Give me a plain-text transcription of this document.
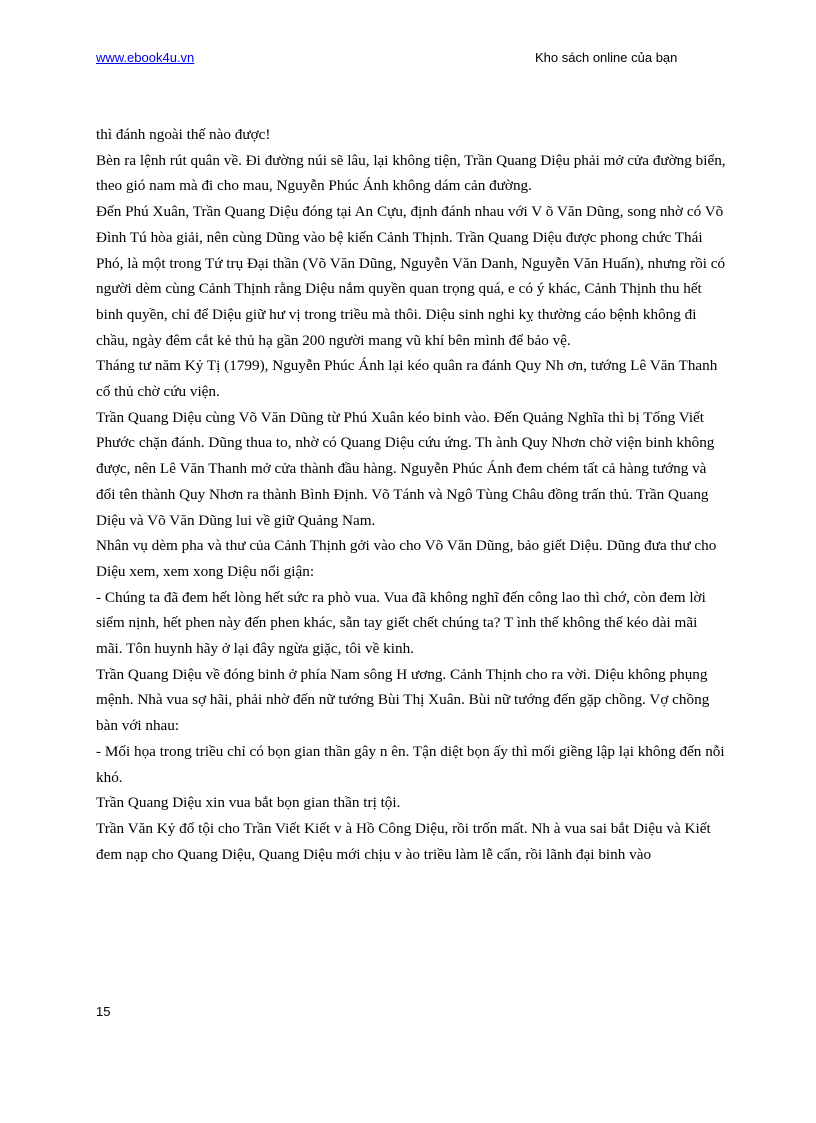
www.ebook4u.vn	Kho sách online của bạn

thì đánh ngoài thế nào được!

Bèn ra lệnh rút quân về. Đi đường núi sẽ lâu, lại không tiện, Trần Quang Diệu phải mở cửa đường biển, theo gió nam mà đi cho mau, Nguyễn Phúc Ánh không dám cản đường.

Đến Phú Xuân, Trần Quang Diệu đóng tại An Cựu, định đánh nhau với V õ Văn Dũng, song nhờ có Võ Đình Tú hòa giải, nên cùng Dũng vào bệ kiến Cảnh Thịnh. Trần Quang Diệu được phong chức Thái Phó, là một trong Tứ trụ Đại thần (Võ Văn Dũng, Nguyễn Văn Danh, Nguyễn Văn Huấn), nhưng rồi có người dèm cùng Cảnh Thịnh rằng Diệu nắm quyền quan trọng quá, e có ý khác, Cảnh Thịnh thu hết binh quyền, chỉ để Diệu giữ hư vị trong triều mà thôi. Diệu sinh nghi kỵ thường cáo bệnh không đi chầu, ngày đêm cắt kẻ thủ hạ gần 200 người mang vũ khí bên mình để bảo vệ.

Tháng tư năm Kỷ Tị (1799), Nguyễn Phúc Ánh lại kéo quân ra đánh Quy Nh ơn, tướng Lê Văn Thanh cố thủ chờ cứu viện.

Trần Quang Diệu cùng Võ Văn Dũng từ Phú Xuân kéo binh vào. Đến Quảng Nghĩa thì bị Tống Viết Phước chặn đánh. Dũng thua to, nhờ có Quang Diệu cứu ứng. Th ành Quy Nhơn chờ viện binh không được, nên Lê Văn Thanh mở cửa thành đầu hàng. Nguyễn Phúc Ánh đem chém tất cả hàng tướng và đổi tên thành Quy Nhơn ra thành Bình Định. Võ Tánh và Ngô Tùng Châu đồng trấn thủ. Trần Quang Diệu và Võ Văn Dũng lui về giữ Quảng Nam.

Nhân vụ dèm pha và thư của Cảnh Thịnh gởi vào cho Võ Văn Dũng, bảo giết Diệu. Dũng đưa thư cho Diệu xem, xem xong Diệu nổi giận:

- Chúng ta đã đem hết lòng hết sức ra phò vua. Vua đã không nghĩ đến công lao thì chớ, còn đem lời siểm nịnh, hết phen này đến phen khác, sẵn tay giết chết chúng ta? T ình thế không thể kéo dài mãi mãi. Tôn huynh hãy ở lại đây ngừa giặc, tôi về kinh.

Trần Quang Diệu về đóng binh ở phía Nam sông H ương. Cảnh Thịnh cho ra vời. Diệu không phụng mệnh. Nhà vua sợ hãi, phải nhờ đến nữ tướng Bùi Thị Xuân. Bùi nữ tướng đến gặp chồng. Vợ chồng bàn với nhau:

- Mối họa trong triều chỉ có bọn gian thần gây n ên. Tận diệt bọn ấy thì mối giềng lập lại không đến nỗi khó.

Trần Quang Diệu xin vua bắt bọn gian thần trị tội.

Trần Văn Kỷ đổ tội cho Trần Viết Kiết v à Hồ Công Diệu, rồi trốn mất. Nh à vua sai bắt Diệu và Kiết đem nạp cho Quang Diệu, Quang Diệu mới chịu v ào triều làm lễ cẩn, rồi lãnh đại binh vào

15
